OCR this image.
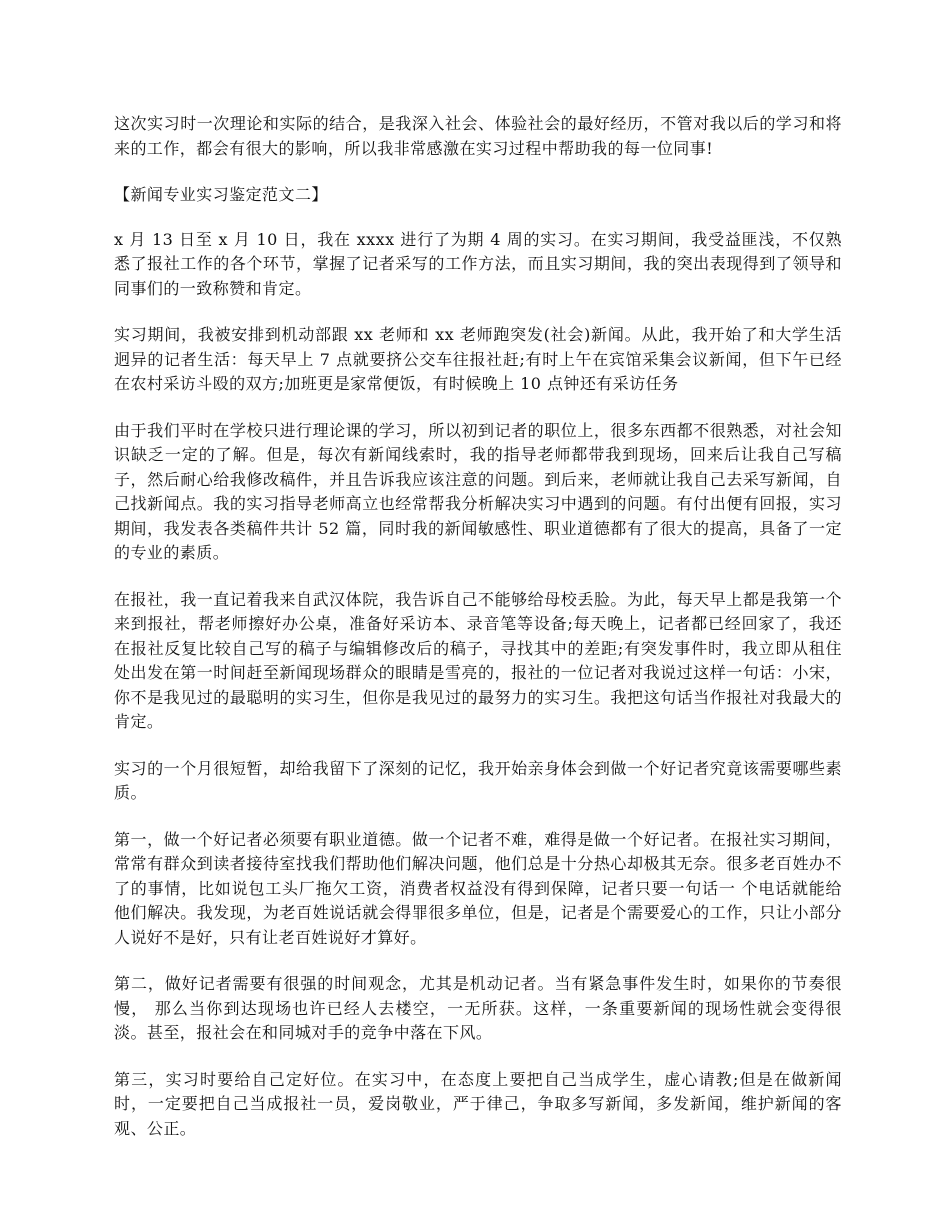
这次实习时一次理论和实际的结合，是我深入社会、体验社会的最好经历，不管对我以后的学习和将来的工作，都会有很大的影响，所以我非常感激在实习过程中帮助我的每一位同事!

【新闻专业实习鉴定范文二】

x 月 13 日至 x 月 10 日，我在 xxxx 进行了为期 4 周的实习。在实习期间，我受益匪浅，不仅熟悉了报社工作的各个环节，掌握了记者采写的工作方法，而且实习期间，我的突出表现得到了领导和同事们的一致称赞和肯定。

实习期间，我被安排到机动部跟 xx 老师和 xx 老师跑突发(社会)新闻。从此，我开始了和大学生活迥异的记者生活：每天早上 7 点就要挤公交车往报社赶;有时上午在宾馆采集会议新闻，但下午已经在农村采访斗殴的双方;加班更是家常便饭，有时候晚上 10 点钟还有采访任务

由于我们平时在学校只进行理论课的学习，所以初到记者的职位上，很多东西都不很熟悉，对社会知识缺乏一定的了解。但是，每次有新闻线索时，我的指导老师都带我到现场，回来后让我自己写稿子，然后耐心给我修改稿件，并且告诉我应该注意的问题。到后来，老师就让我自己去采写新闻，自己找新闻点。我的实习指导老师高立也经常帮我分析解决实习中遇到的问题。有付出便有回报，实习期间，我发表各类稿件共计 52 篇，同时我的新闻敏感性、职业道德都有了很大的提高，具备了一定的专业的素质。

在报社，我一直记着我来自武汉体院，我告诉自己不能够给母校丢脸。为此，每天早上都是我第一个来到报社，帮老师擦好办公桌，准备好采访本、录音笔等设备;每天晚上，记者都已经回家了，我还在报社反复比较自己写的稿子与编辑修改后的稿子，寻找其中的差距;有突发事件时，我立即从租住处出发在第一时间赶至新闻现场群众的眼睛是雪亮的，报社的一位记者对我说过这样一句话：小宋，你不是我见过的最聪明的实习生，但你是我见过的最努力的实习生。我把这句话当作报社对我最大的肯定。

实习的一个月很短暂，却给我留下了深刻的记忆，我开始亲身体会到做一个好记者究竟该需要哪些素质。

第一，做一个好记者必须要有职业道德。做一个记者不难，难得是做一个好记者。在报社实习期间，常常有群众到读者接待室找我们帮助他们解决问题，他们总是十分热心却极其无奈。很多老百姓办不了的事情，比如说包工头厂拖欠工资，消费者权益没有得到保障，记者只要一句话一 个电话就能给他们解决。我发现，为老百姓说话就会得罪很多单位，但是，记者是个需要爱心的工作，只让小部分人说好不是好，只有让老百姓说好才算好。

第二，做好记者需要有很强的时间观念，尤其是机动记者。当有紧急事件发生时，如果你的节奏很慢， 那么当你到达现场也许已经人去楼空，一无所获。这样，一条重要新闻的现场性就会变得很淡。甚至，报社会在和同城对手的竞争中落在下风。

第三，实习时要给自己定好位。在实习中，在态度上要把自己当成学生，虚心请教;但是在做新闻时，一定要把自己当成报社一员，爱岗敬业，严于律己，争取多写新闻，多发新闻，维护新闻的客观、公正。
